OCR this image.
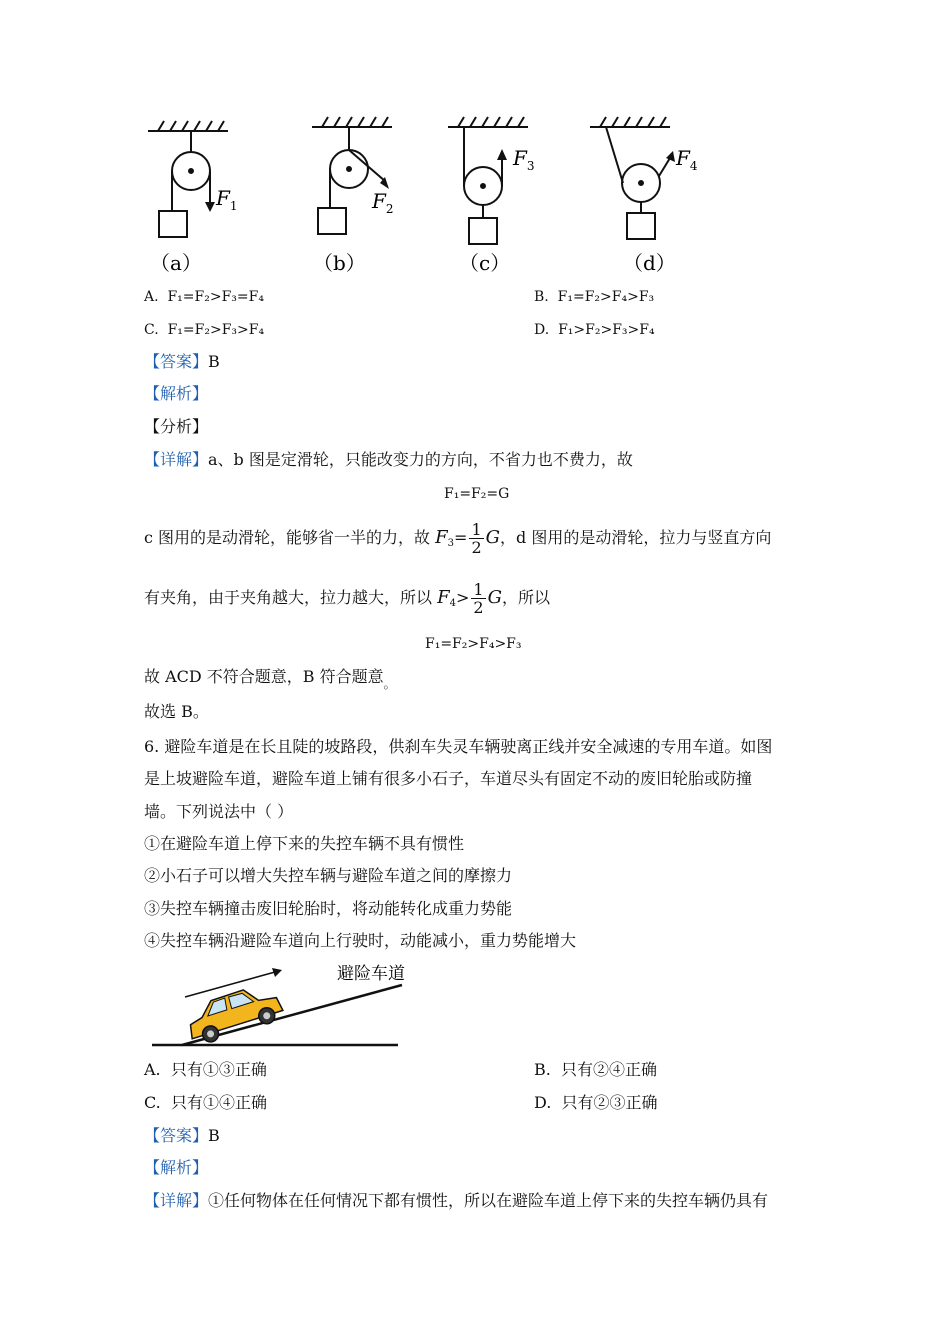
$F_1$	$F_2$
$F_3$	$F_4$
（a）	（b）	（c）	（d）
A. F₁=F₂>F₃=F₄	B. F₁=F₂>F₄>F₃
C. F₁=F₂>F₃>F₄	D. F₁>F₂>F₃>F₄
【答案】B
【解析】
【分析】
【详解】a、b 图是定滑轮，只能改变力的方向，不省力也不费力，故
F₁=F₂=G
c 图用的是动滑轮，能够省一半的力，故 $F_3= \frac{1}{2}$ G，d 图用的是动滑轮，拉力与竖直方向
有夹角，由于夹角越大，拉力越大，所以 $F_4> \frac{1}{2}$ G，所以
F₁=F₂>F₄>F₃
故 ACD 不符合题意，B 符合题意$_。$
故选 B。
6. 避险车道是在长且陡的坡路段，供刹车失灵车辆驶离正线并安全减速的专用车道。如图
是上坡避险车道，避险车道上铺有很多小石子，车道尽头有固定不动的废旧轮胎或防撞
墙。下列说法中（ ）
①在避险车道上停下来的失控车辆不具有惯性
②小石子可以增大失控车辆与避险车道之间的摩擦力
③失控车辆撞击废旧轮胎时，将动能转化成重力势能
④失控车辆沿避险车道向上行驶时，动能减小，重力势能增大
避险车道
A. 只有①③正确	B. 只有②④正确
C. 只有①④正确	D. 只有②③正确
【答案】B
【解析】
【详解】①任何物体在任何情况下都有惯性，所以在避险车道上停下来的失控车辆仍具有
